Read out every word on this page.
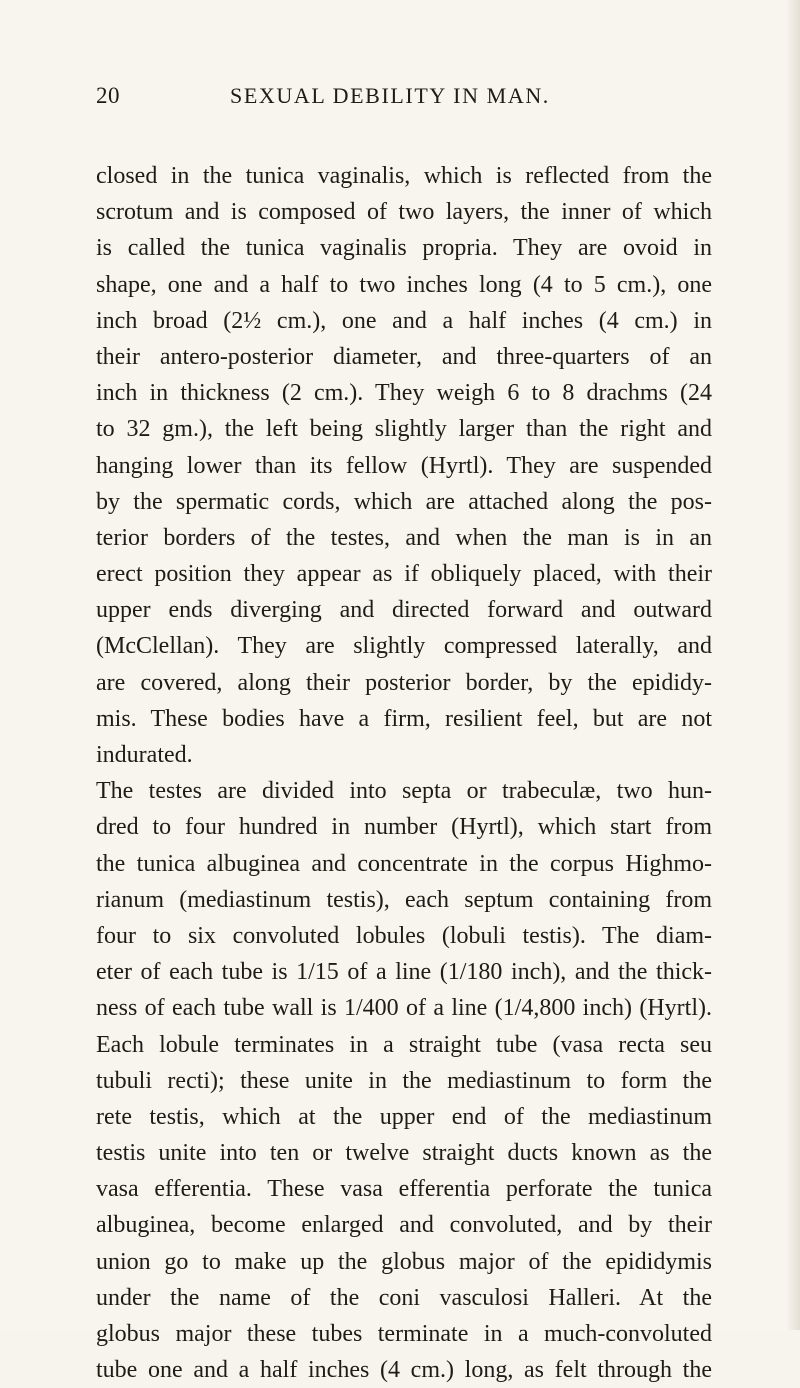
20	SEXUAL DEBILITY IN MAN.
closed in the tunica vaginalis, which is reflected from the
scrotum and is composed of two layers, the inner of which
is called the tunica vaginalis propria. They are ovoid in
shape, one and a half to two inches long (4 to 5 cm.), one
inch broad (2½ cm.), one and a half inches (4 cm.) in
their antero-posterior diameter, and three-quarters of an
inch in thickness (2 cm.). They weigh 6 to 8 drachms (24
to 32 gm.), the left being slightly larger than the right and
hanging lower than its fellow (Hyrtl). They are suspended
by the spermatic cords, which are attached along the pos-
terior borders of the testes, and when the man is in an
erect position they appear as if obliquely placed, with their
upper ends diverging and directed forward and outward
(McClellan). They are slightly compressed laterally, and
are covered, along their posterior border, by the epididy-
mis. These bodies have a firm, resilient feel, but are not
indurated.
The testes are divided into septa or trabeculæ, two hun-
dred to four hundred in number (Hyrtl), which start from
the tunica albuginea and concentrate in the corpus Highmo-
rianum (mediastinum testis), each septum containing from
four to six convoluted lobules (lobuli testis). The diam-
eter of each tube is 1/15 of a line (1/180 inch), and the thick-
ness of each tube wall is 1/400 of a line (1/4,800 inch) (Hyrtl).
Each lobule terminates in a straight tube (vasa recta seu
tubuli recti); these unite in the mediastinum to form the
rete testis, which at the upper end of the mediastinum
testis unite into ten or twelve straight ducts known as the
vasa efferentia. These vasa efferentia perforate the tunica
albuginea, become enlarged and convoluted, and by their
union go to make up the globus major of the epididymis
under the name of the coni vasculosi Halleri. At the
globus major these tubes terminate in a much-convoluted
tube one and a half inches (4 cm.) long, as felt through the
